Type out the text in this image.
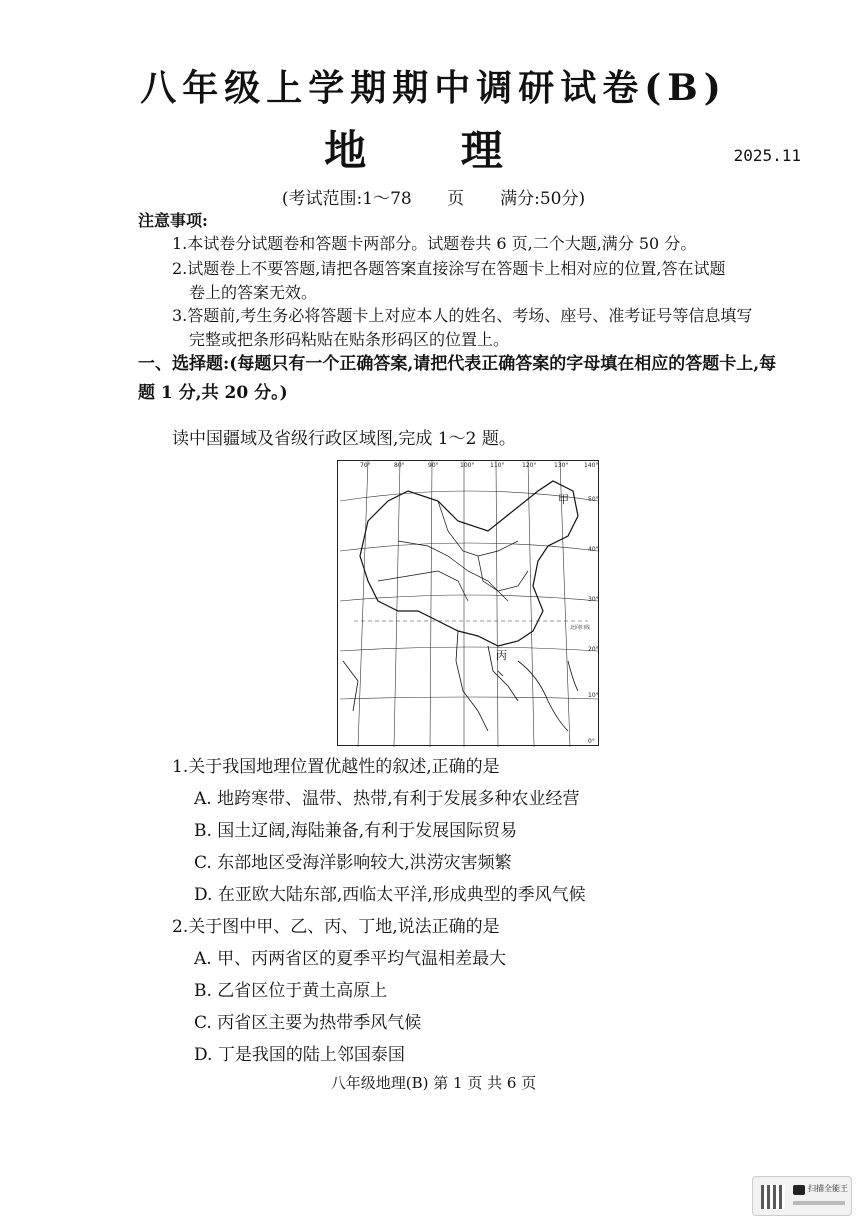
八年级上学期期中调研试卷(B)
地 理	2025.11
(考试范围:1～78 页 满分:50分)
注意事项:
1.本试卷分试题卷和答题卡两部分。试题卷共 6 页,二个大题,满分 50 分。
2.试题卷上不要答题,请把各题答案直接涂写在答题卡上相对应的位置,答在试题
卷上的答案无效。
3.答题前,考生务必将答题卡上对应本人的姓名、考场、座号、准考证号等信息填写
完整或把条形码粘贴在贴条形码区的位置上。
一、选择题:(每题只有一个正确答案,请把代表正确答案的字母填在相应的答题卡上,每
题 1 分,共 20 分。)
读中国疆域及省级行政区域图,完成 1～2 题。
70°	80°	90°	100°	110°	120°	130°	140°
50°
40°
30°
20°
10°
0°
北回归线
甲
丙
1.关于我国地理位置优越性的叙述,正确的是
A. 地跨寒带、温带、热带,有利于发展多种农业经营
B. 国土辽阔,海陆兼备,有利于发展国际贸易
C. 东部地区受海洋影响较大,洪涝灾害频繁
D. 在亚欧大陆东部,西临太平洋,形成典型的季风气候
2.关于图中甲、乙、丙、丁地,说法正确的是
A. 甲、丙两省区的夏季平均气温相差最大
B. 乙省区位于黄土高原上
C. 丙省区主要为热带季风气候
D. 丁是我国的陆上邻国泰国
八年级地理(B) 第 1 页 共 6 页
扫描全能王
